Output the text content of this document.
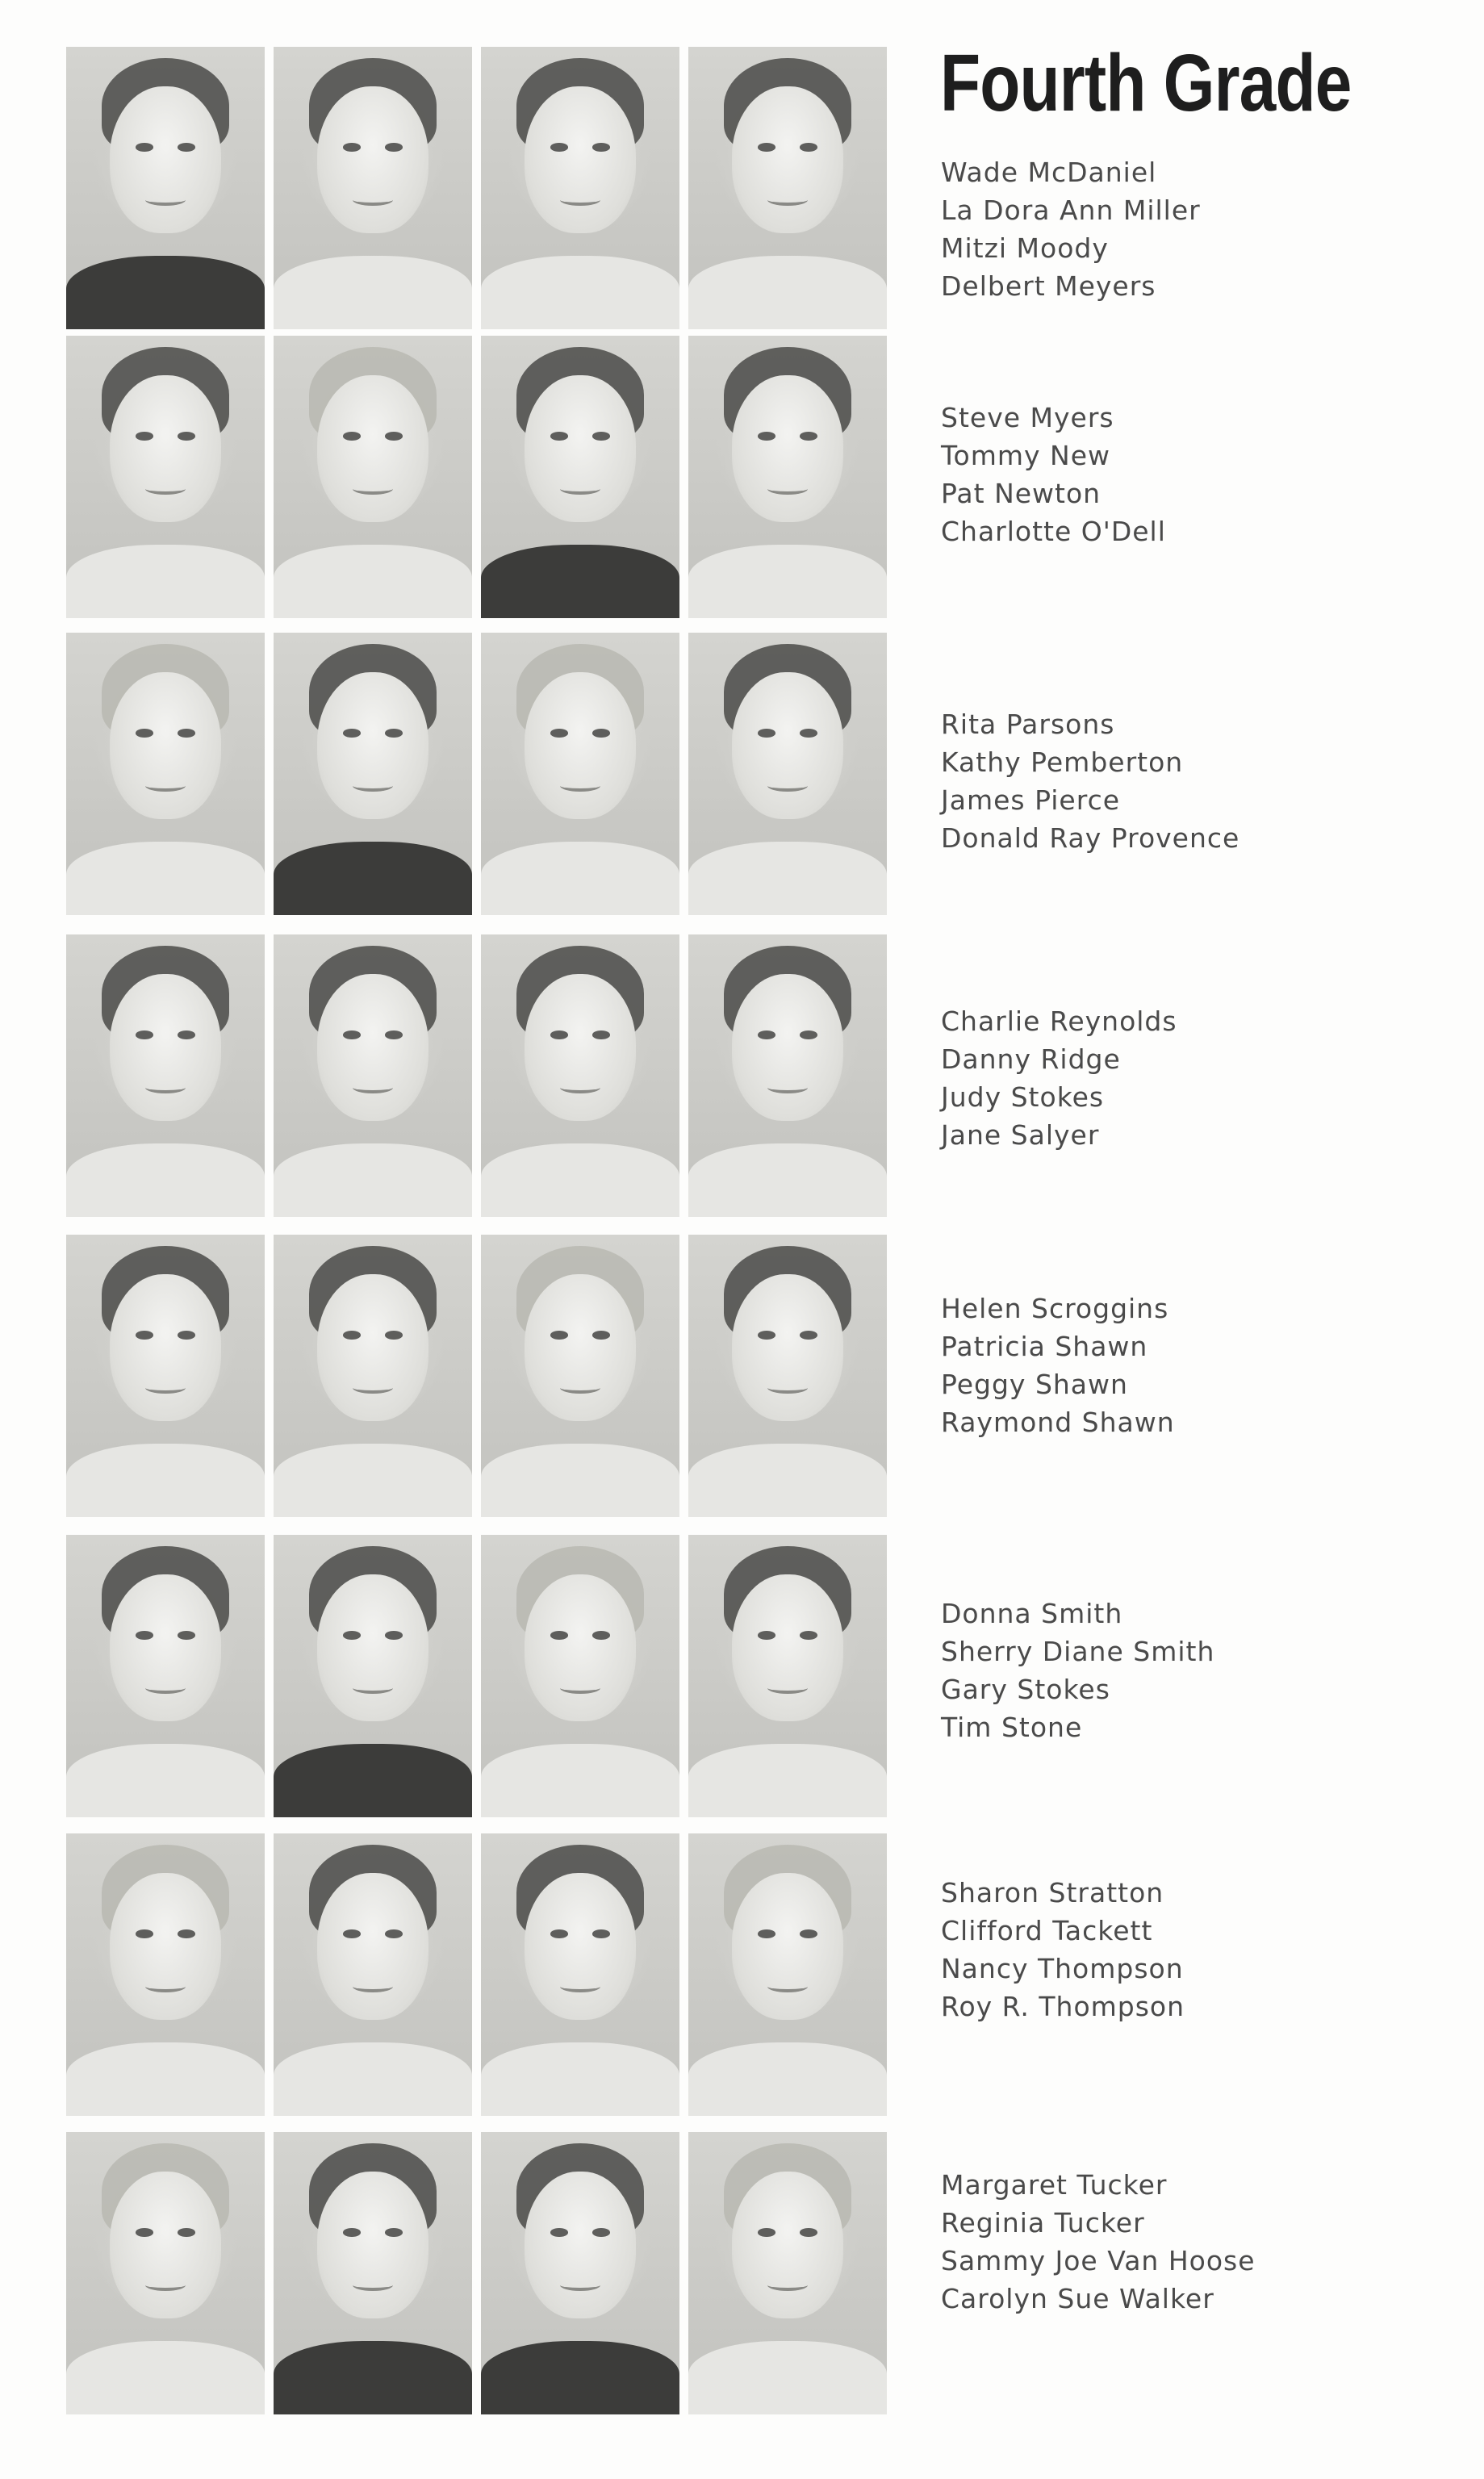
Fourth Grade
Wade McDaniel
La Dora Ann Miller
Mitzi Moody
Delbert Meyers
Steve Myers
Tommy New
Pat Newton
Charlotte O'Dell
Rita Parsons
Kathy Pemberton
James Pierce
Donald Ray Provence
Charlie Reynolds
Danny Ridge
Judy Stokes
Jane Salyer
Helen Scroggins
Patricia Shawn
Peggy Shawn
Raymond Shawn
Donna Smith
Sherry Diane Smith
Gary Stokes
Tim Stone
Sharon Stratton
Clifford Tackett
Nancy Thompson
Roy R. Thompson
Margaret Tucker
Reginia Tucker
Sammy Joe Van Hoose
Carolyn Sue Walker
